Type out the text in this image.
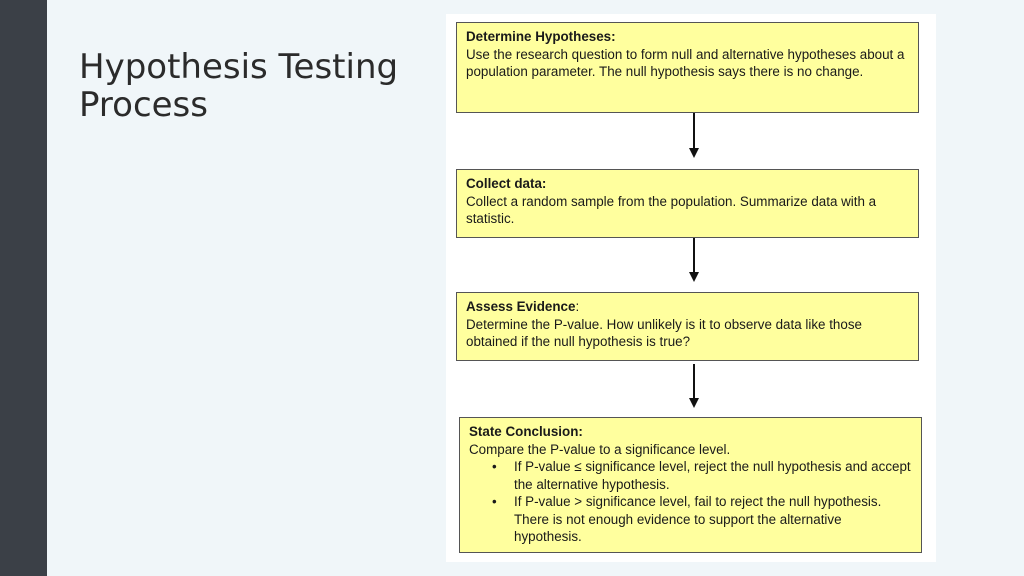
Hypothesis Testing
Process
Determine Hypotheses:
Use the research question to form null and alternative hypotheses about a population parameter. The null hypothesis says there is no change.
Collect data:
Collect a random sample from the population. Summarize data with a statistic.
Assess Evidence:
Determine the P-value. How unlikely is it to observe data like those obtained if the null hypothesis is true?
State Conclusion:
Compare the P-value to a significance level.
• If P-value ≤ significance level, reject the null hypothesis and accept the alternative hypothesis.
• If P-value > significance level, fail to reject the null hypothesis. There is not enough evidence to support the alternative hypothesis.
